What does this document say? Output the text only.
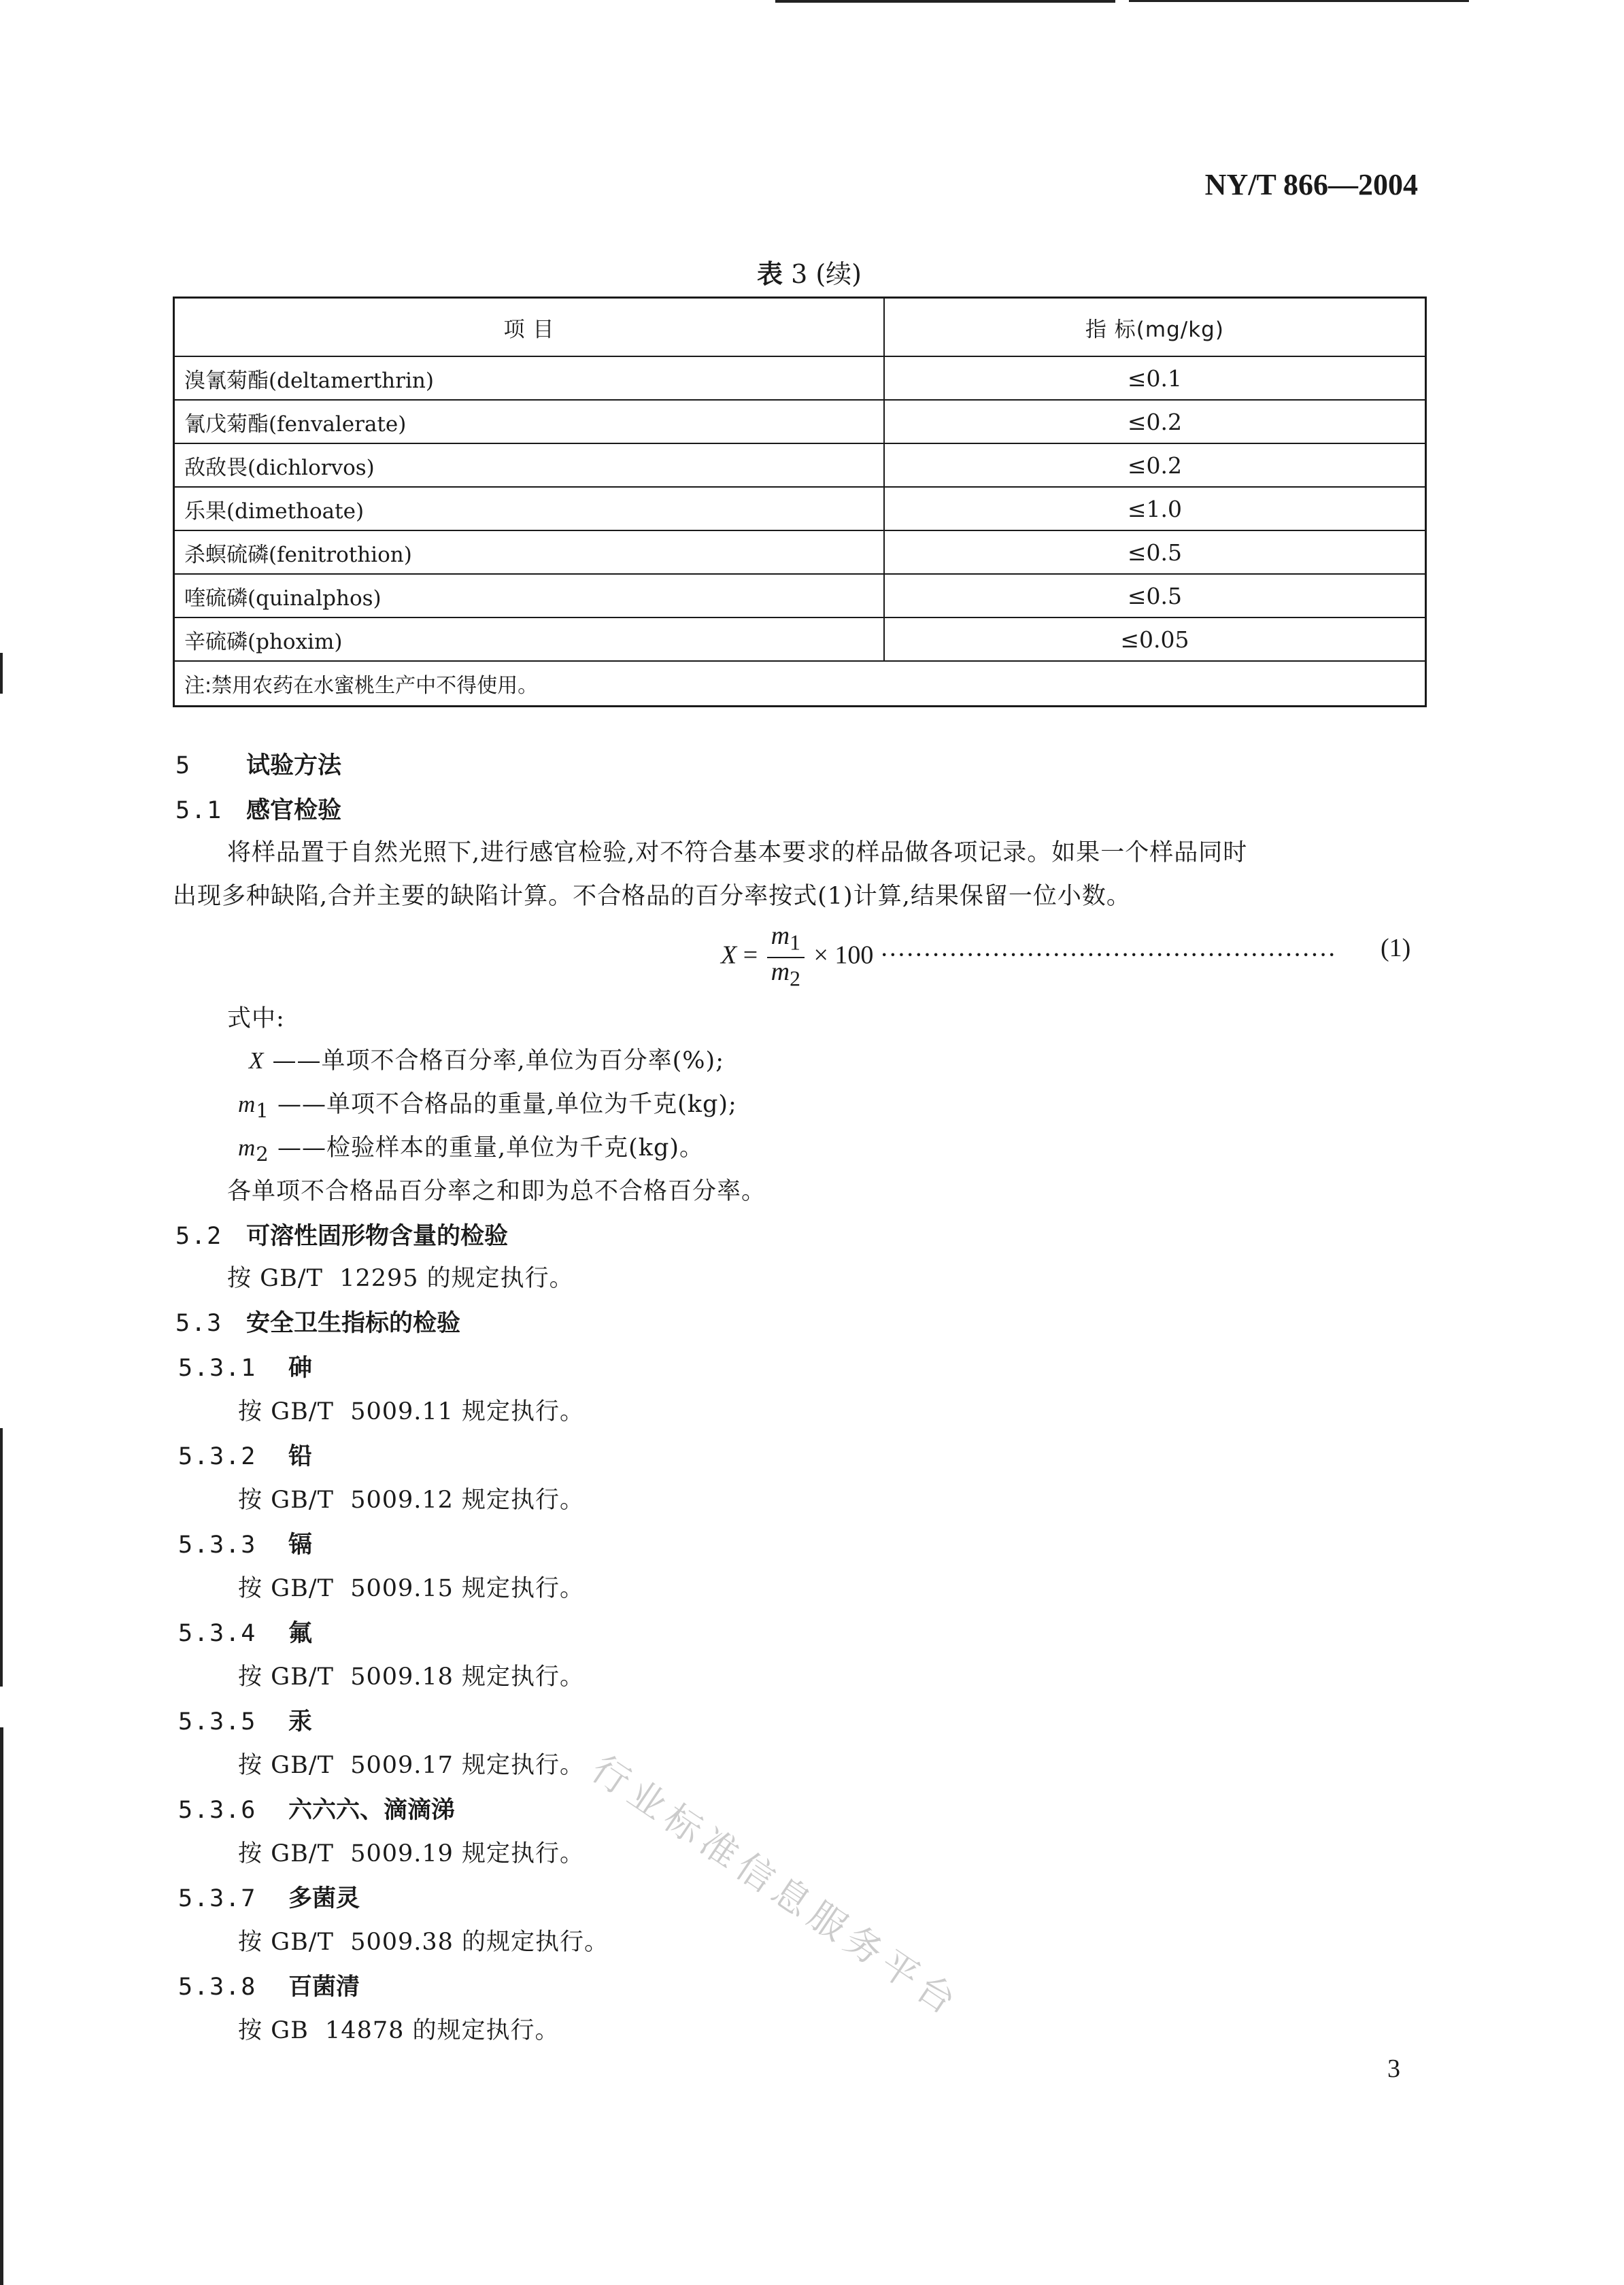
NY/T 866—2004
表 3 (续)
项 目	指 标(mg/kg)
溴氰菊酯(deltamerthrin)	≤0.1
氰戊菊酯(fenvalerate)	≤0.2
敌敌畏(dichlorvos)	≤0.2
乐果(dimethoate)	≤1.0
杀螟硫磷(fenitrothion)	≤0.5
喹硫磷(quinalphos)	≤0.5
辛硫磷(phoxim)	≤0.05
注:禁用农药在水蜜桃生产中不得使用。	
5 试验方法
5.1 感官检验
将样品置于自然光照下,进行感官检验,对不符合基本要求的样品做各项记录。如果一个样品同时
出现多种缺陷,合并主要的缺陷计算。不合格品的百分率按式(1)计算,结果保留一位小数。
$X = \frac{m_1}{m_2} \times 100$ ····················································· (1)
式中:
X ——单项不合格百分率,单位为百分率(%);
$m_1$ ——单项不合格品的重量,单位为千克(kg);
$m_2$ ——检验样本的重量,单位为千克(kg)。
各单项不合格品百分率之和即为总不合格百分率。
5.2 可溶性固形物含量的检验
按 GB/T  12295 的规定执行。
5.3 安全卫生指标的检验
5.3.1 砷
按 GB/T  5009.11 规定执行。
5.3.2 铅
按 GB/T  5009.12 规定执行。
5.3.3 镉
按 GB/T  5009.15 规定执行。
5.3.4 氟
按 GB/T  5009.18 规定执行。
5.3.5 汞
按 GB/T  5009.17 规定执行。
5.3.6 六六六、滴滴涕
按 GB/T  5009.19 规定执行。
5.3.7 多菌灵
按 GB/T  5009.38 的规定执行。
5.3.8 百菌清
按 GB  14878 的规定执行。
行业标准信息服务平台
3
